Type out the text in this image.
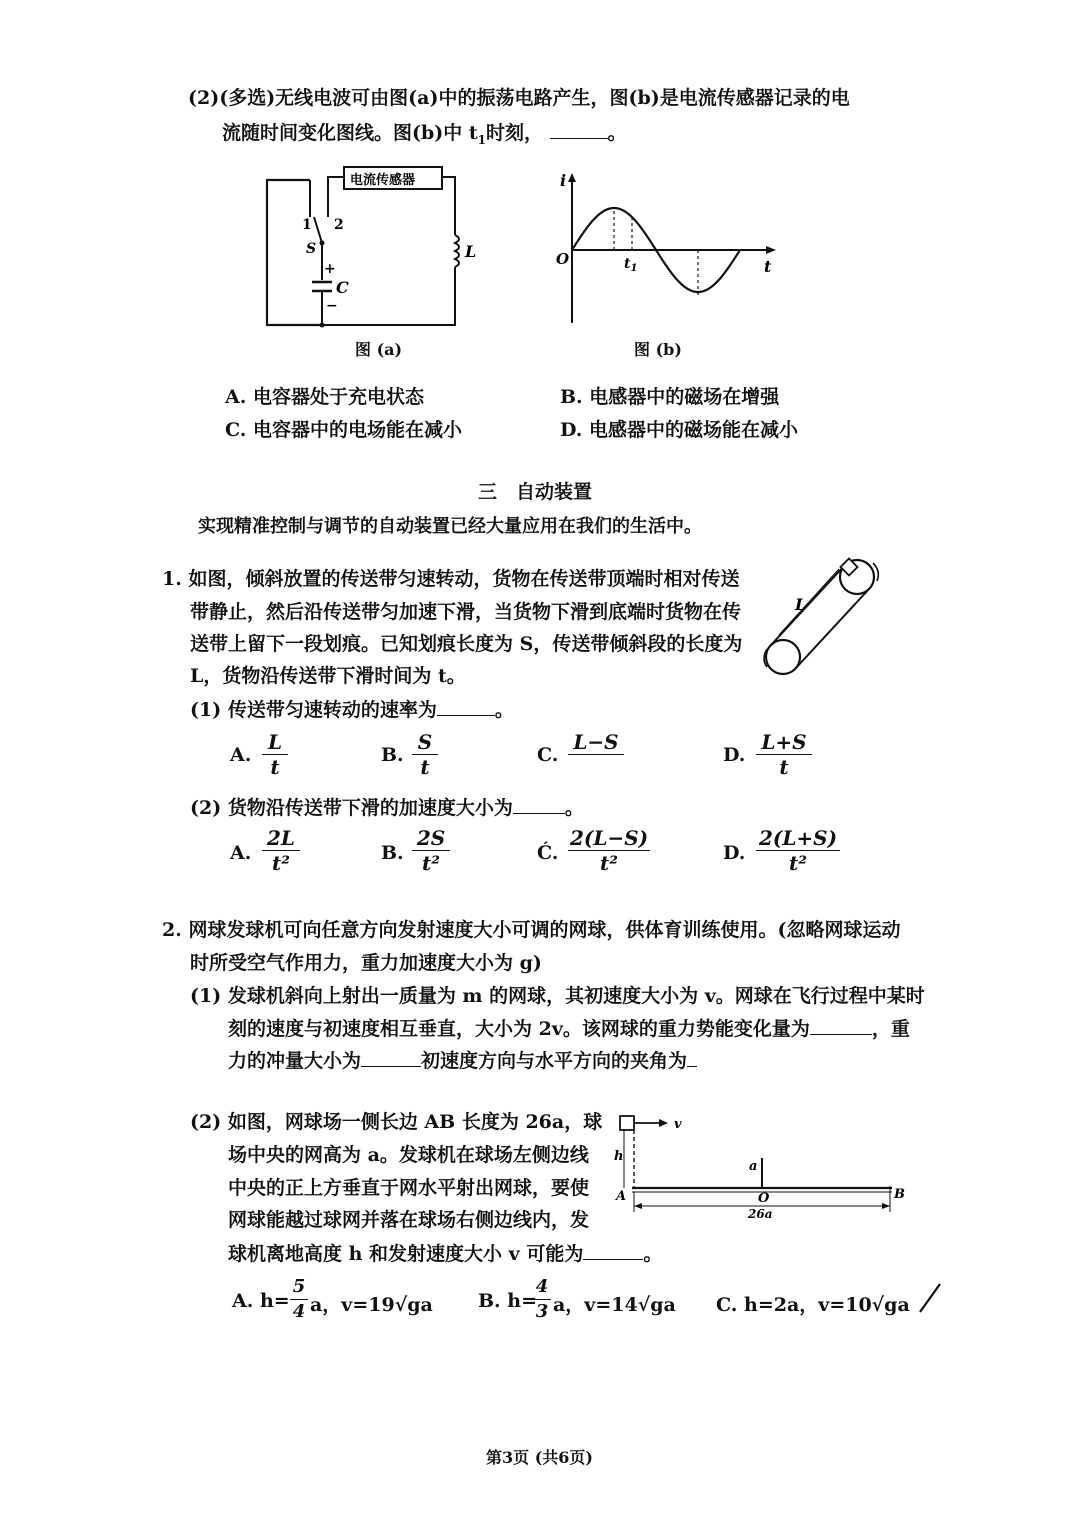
(2)(多选)无线电波可由图(a)中的振荡电路产生，图(b)是电流传感器记录的电
流随时间变化图线。图(b)中 $t_1$时刻，	。
1 2
S
+
C
−
L
电流传感器
图 (a)
i
O	t
$t_1$
图 (b)
A. 电容器处于充电状态	B. 电感器中的磁场在增强
C. 电容器中的电场能在减小	D. 电感器中的磁场能在减小
三　自动装置
实现精准控制与调节的自动装置已经大量应用在我们的生活中。
1. 如图，倾斜放置的传送带匀速转动，货物在传送带顶端时相对传送
带静止，然后沿传送带匀加速下滑，当货物下滑到底端时货物在传
送带上留下一段划痕。已知划痕长度为 S，传送带倾斜段的长度为
L，货物沿传送带下滑时间为 t。
L
(1) 传送带匀速转动的速率为	。
A. $\frac{L}{t}$	B. $\frac{S}{t}$	C.
L−S
D. $\frac{L+S}{t}$
(2) 货物沿传送带下滑的加速度大小为	。
A. $\frac{2L}{\text{t²}}$	B. $\frac{2S}{\text{t²}}$	Ć. $\frac{2(L-S)}{\text{t²}}$	D. $\frac{2(L+S)}{\text{t²}}$
2. 网球发球机可向任意方向发射速度大小可调的网球，供体育训练使用。(忽略网球运动
时所受空气作用力，重力加速度大小为 g)
(1) 发球机斜向上射出一质量为 m 的网球，其初速度大小为 v。网球在飞行过程中某时
刻的速度与初速度相互垂直，大小为 2v。该网球的重力势能变化量为	，重
力的冲量大小为	初速度方向与水平方向的夹角为
(2) 如图，网球场一侧长边 AB 长度为 26a，球
场中央的网高为 a。发球机在球场左侧边线
中央的正上方垂直于网水平射出网球，要使
网球能越过球网并落在球场右侧边线内，发
球机离地高度 h 和发射速度大小 v 可能为	。
v
h
a
A	B
O
26a
A. $h= \frac{5}{4}$ a，v=19√ga B. h=
$\frac{4}{3}$ a，v=14√ga C. h=2a，v=10√ga
第3页 (共6页)
